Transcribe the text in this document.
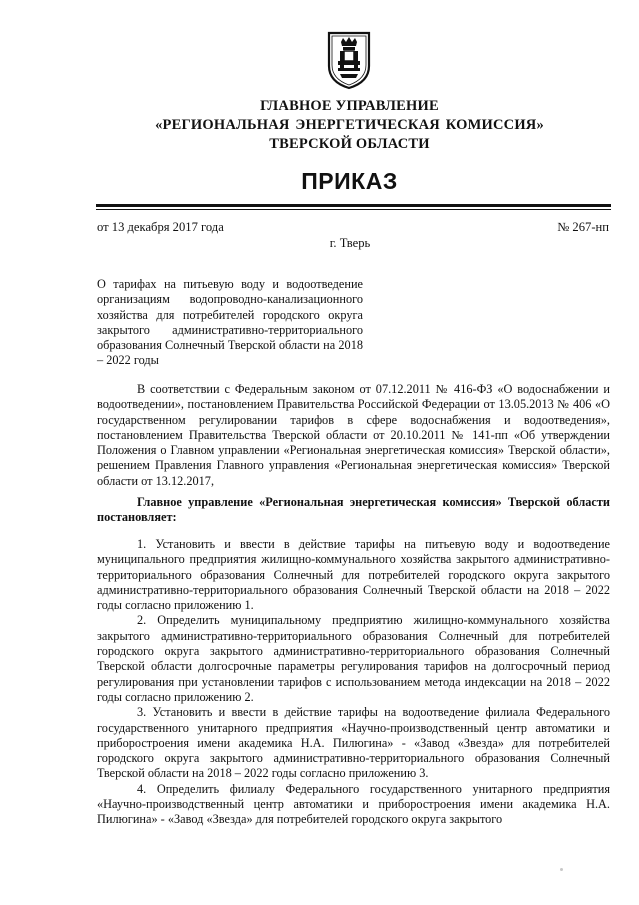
ГЛАВНОЕ УПРАВЛЕНИЕ
«РЕГИОНАЛЬНАЯ ЭНЕРГЕТИЧЕСКАЯ КОМИССИЯ»
ТВЕРСКОЙ ОБЛАСТИ
ПРИКАЗ
от 13 декабря 2017 года	№ 267-нп
г. Тверь
О тарифах на питьевую воду и водоотведение организациям водопроводно-канализационного хозяйства для потребителей городского округа закрытого административно-территориального образования Солнечный Тверской области на 2018 – 2022 годы
В соответствии с Федеральным законом от 07.12.2011 № 416-ФЗ «О водоснабжении и водоотведении», постановлением Правительства Российской Федерации от 13.05.2013 № 406 «О государственном регулировании тарифов в сфере водоснабжения и водоотведения», постановлением Правительства Тверской области от 20.10.2011 № 141-пп «Об утверждении Положения о Главном управлении «Региональная энергетическая комиссия» Тверской области», решением Правления Главного управления «Региональная энергетическая комиссия» Тверской области от 13.12.2017,
Главное управление «Региональная энергетическая комиссия» Тверской области постановляет:

1. Установить и ввести в действие тарифы на питьевую воду и водоотведение муниципального предприятия жилищно-коммунального хозяйства закрытого административно-территориального образования Солнечный для потребителей городского округа закрытого административно-территориального образования Солнечный Тверской области на 2018 – 2022 годы согласно приложению 1.

2. Определить муниципальному предприятию жилищно-коммунального хозяйства закрытого административно-территориального образования Солнечный для потребителей городского округа закрытого административно-территориального образования Солнечный Тверской области долгосрочные параметры регулирования тарифов на долгосрочный период регулирования при установлении тарифов с использованием метода индексации на 2018 – 2022 годы согласно приложению 2.

3. Установить и ввести в действие тарифы на водоотведение филиала Федерального государственного унитарного предприятия «Научно-производственный центр автоматики и приборостроения имени академика Н.А. Пилюгина» - «Завод «Звезда» для потребителей городского округа закрытого административно-территориального образования Солнечный Тверской области на 2018 – 2022 годы согласно приложению 3.

4. Определить филиалу Федерального государственного унитарного предприятия «Научно-производственный центр автоматики и приборостроения имени академика Н.А. Пилюгина» - «Завод «Звезда» для потребителей городского округа закрытого
